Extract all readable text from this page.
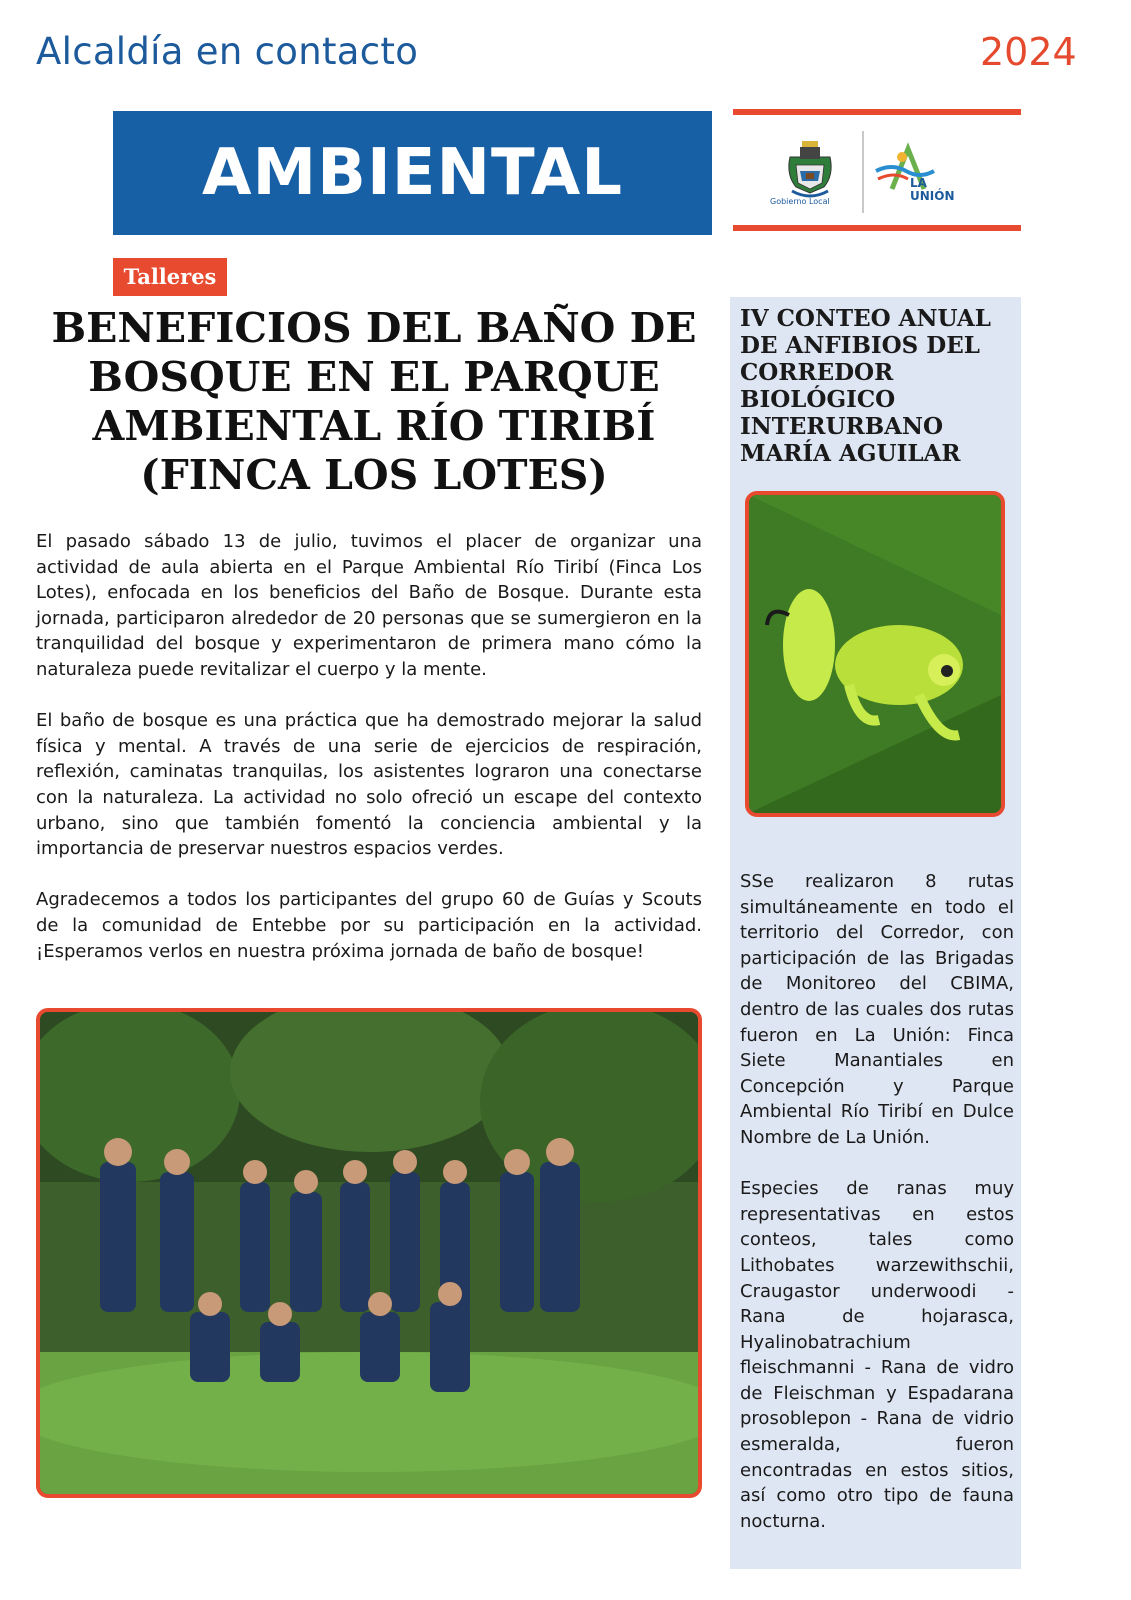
Alcaldía en contacto	2024
AMBIENTAL	Gobierno Local
LA
UNIÓN
Talleres
BENEFICIOS DEL BAÑO DE BOSQUE EN EL PARQUE AMBIENTAL RÍO TIRIBÍ (FINCA LOS LOTES)

El pasado sábado 13 de julio, tuvimos el placer de organizar una actividad de aula abierta en el Parque Ambiental Río Tiribí (Finca Los Lotes), enfocada en los beneficios del Baño de Bosque. Durante esta jornada, participaron alrededor de 20 personas que se sumergieron en la tranquilidad del bosque y experimentaron de primera mano cómo la naturaleza puede revitalizar el cuerpo y la mente.

El baño de bosque es una práctica que ha demostrado mejorar la salud física y mental. A través de una serie de ejercicios de respiración, reflexión, caminatas tranquilas, los asistentes lograron una conectarse con la naturaleza. La actividad no solo ofreció un escape del contexto urbano, sino que también fomentó la conciencia ambiental y la importancia de preservar nuestros espacios verdes.

Agradecemos a todos los participantes del grupo 60 de Guías y Scouts de la comunidad de Entebbe por su participación en la actividad. ¡Esperamos verlos en nuestra próxima jornada de baño de bosque!

IV CONTEO ANUAL DE ANFIBIOS DEL CORREDOR BIOLÓGICO INTERURBANO MARÍA AGUILAR

SSe realizaron 8 rutas simultáneamente en todo el territorio del Corredor, con participación de las Brigadas de Monitoreo del CBIMA, dentro de las cuales dos rutas fueron en La Unión: Finca Siete Manantiales en Concepción y Parque Ambiental Río Tiribí en Dulce Nombre de La Unión.

Especies de ranas muy representativas en estos conteos, tales como Lithobates warzewithschii, Craugastor underwoodi - Rana de hojarasca, Hyalinobatrachium fleischmanni - Rana de vidro de Fleischman y Espadarana prosoblepon - Rana de vidrio esmeralda, fueron encontradas en estos sitios, así como otro tipo de fauna nocturna.
